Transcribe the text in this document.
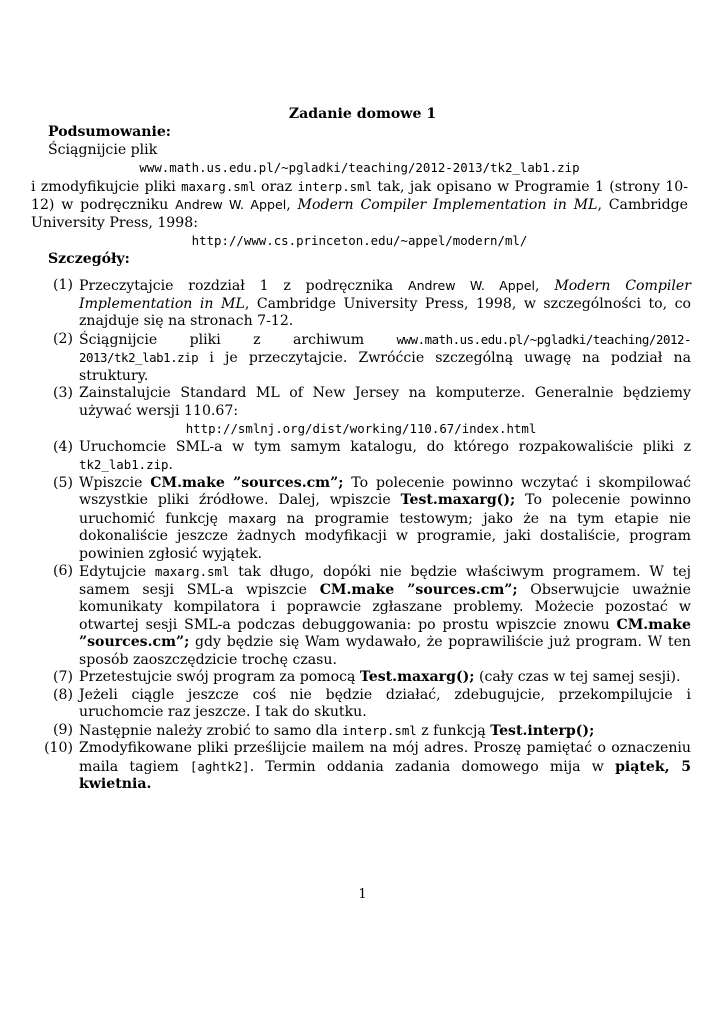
Zadanie domowe 1
Podsumowanie:
Ściągnijcie plik
www.math.us.edu.pl/~pgladki/teaching/2012-2013/tk2_lab1.zip
i zmodyfikujcie pliki maxarg.sml oraz interp.sml tak, jak opisano w Programie 1 (strony 10-12) w podręczniku Andrew W. Appel, Modern Compiler Implementation in ML, Cambridge University Press, 1998:
http://www.cs.princeton.edu/~appel/modern/ml/
Szczegóły:
(1) Przeczytajcie rozdział 1 z podręcznika Andrew W. Appel, Modern Compiler Implementation in ML, Cambridge University Press, 1998, w szczególności to, co znajduje się na stronach 7-12.
(2) Ściągnijcie pliki z archiwum www.math.us.edu.pl/~pgladki/teaching/2012-2013/tk2_lab1.zip i je przeczytajcie. Zwróćcie szczególną uwagę na podział na struktury.
(3) Zainstalujcie Standard ML of New Jersey na komputerze. Generalnie będziemy używać wersji 110.67:
http://smlnj.org/dist/working/110.67/index.html
(4) Uruchomcie SML-a w tym samym katalogu, do którego rozpakowaliście pliki z tk2_lab1.zip.
(5) Wpiszcie CM.make ”sources.cm”; To polecenie powinno wczytać i skompilować wszystkie pliki źródłowe. Dalej, wpiszcie Test.maxarg(); To polecenie powinno uruchomić funkcję maxarg na programie testowym; jako że na tym etapie nie dokonaliście jeszcze żadnych modyfikacji w programie, jaki dostaliście, program powinien zgłosić wyjątek.
(6) Edytujcie maxarg.sml tak długo, dopóki nie będzie właściwym programem. W tej samem sesji SML-a wpiszcie CM.make ”sources.cm”; Obserwujcie uważnie komunikaty kompilatora i poprawcie zgłaszane problemy. Możecie pozostać w otwartej sesji SML-a podczas debuggowania: po prostu wpiszcie znowu CM.make ”sources.cm”; gdy będzie się Wam wydawało, że poprawiliście już program. W ten sposób zaoszczędzicie trochę czasu.
(7) Przetestujcie swój program za pomocą Test.maxarg(); (cały czas w tej samej sesji).
(8) Jeżeli ciągle jeszcze coś nie będzie działać, zdebugujcie, przekompilujcie i uruchomcie raz jeszcze. I tak do skutku.
(9) Następnie należy zrobić to samo dla interp.sml z funkcją Test.interp();
(10) Zmodyfikowane pliki prześlijcie mailem na mój adres. Proszę pamiętać o oznaczeniu maila tagiem [aghtk2]. Termin oddania zadania domowego mija w piątek, 5 kwietnia.
1
